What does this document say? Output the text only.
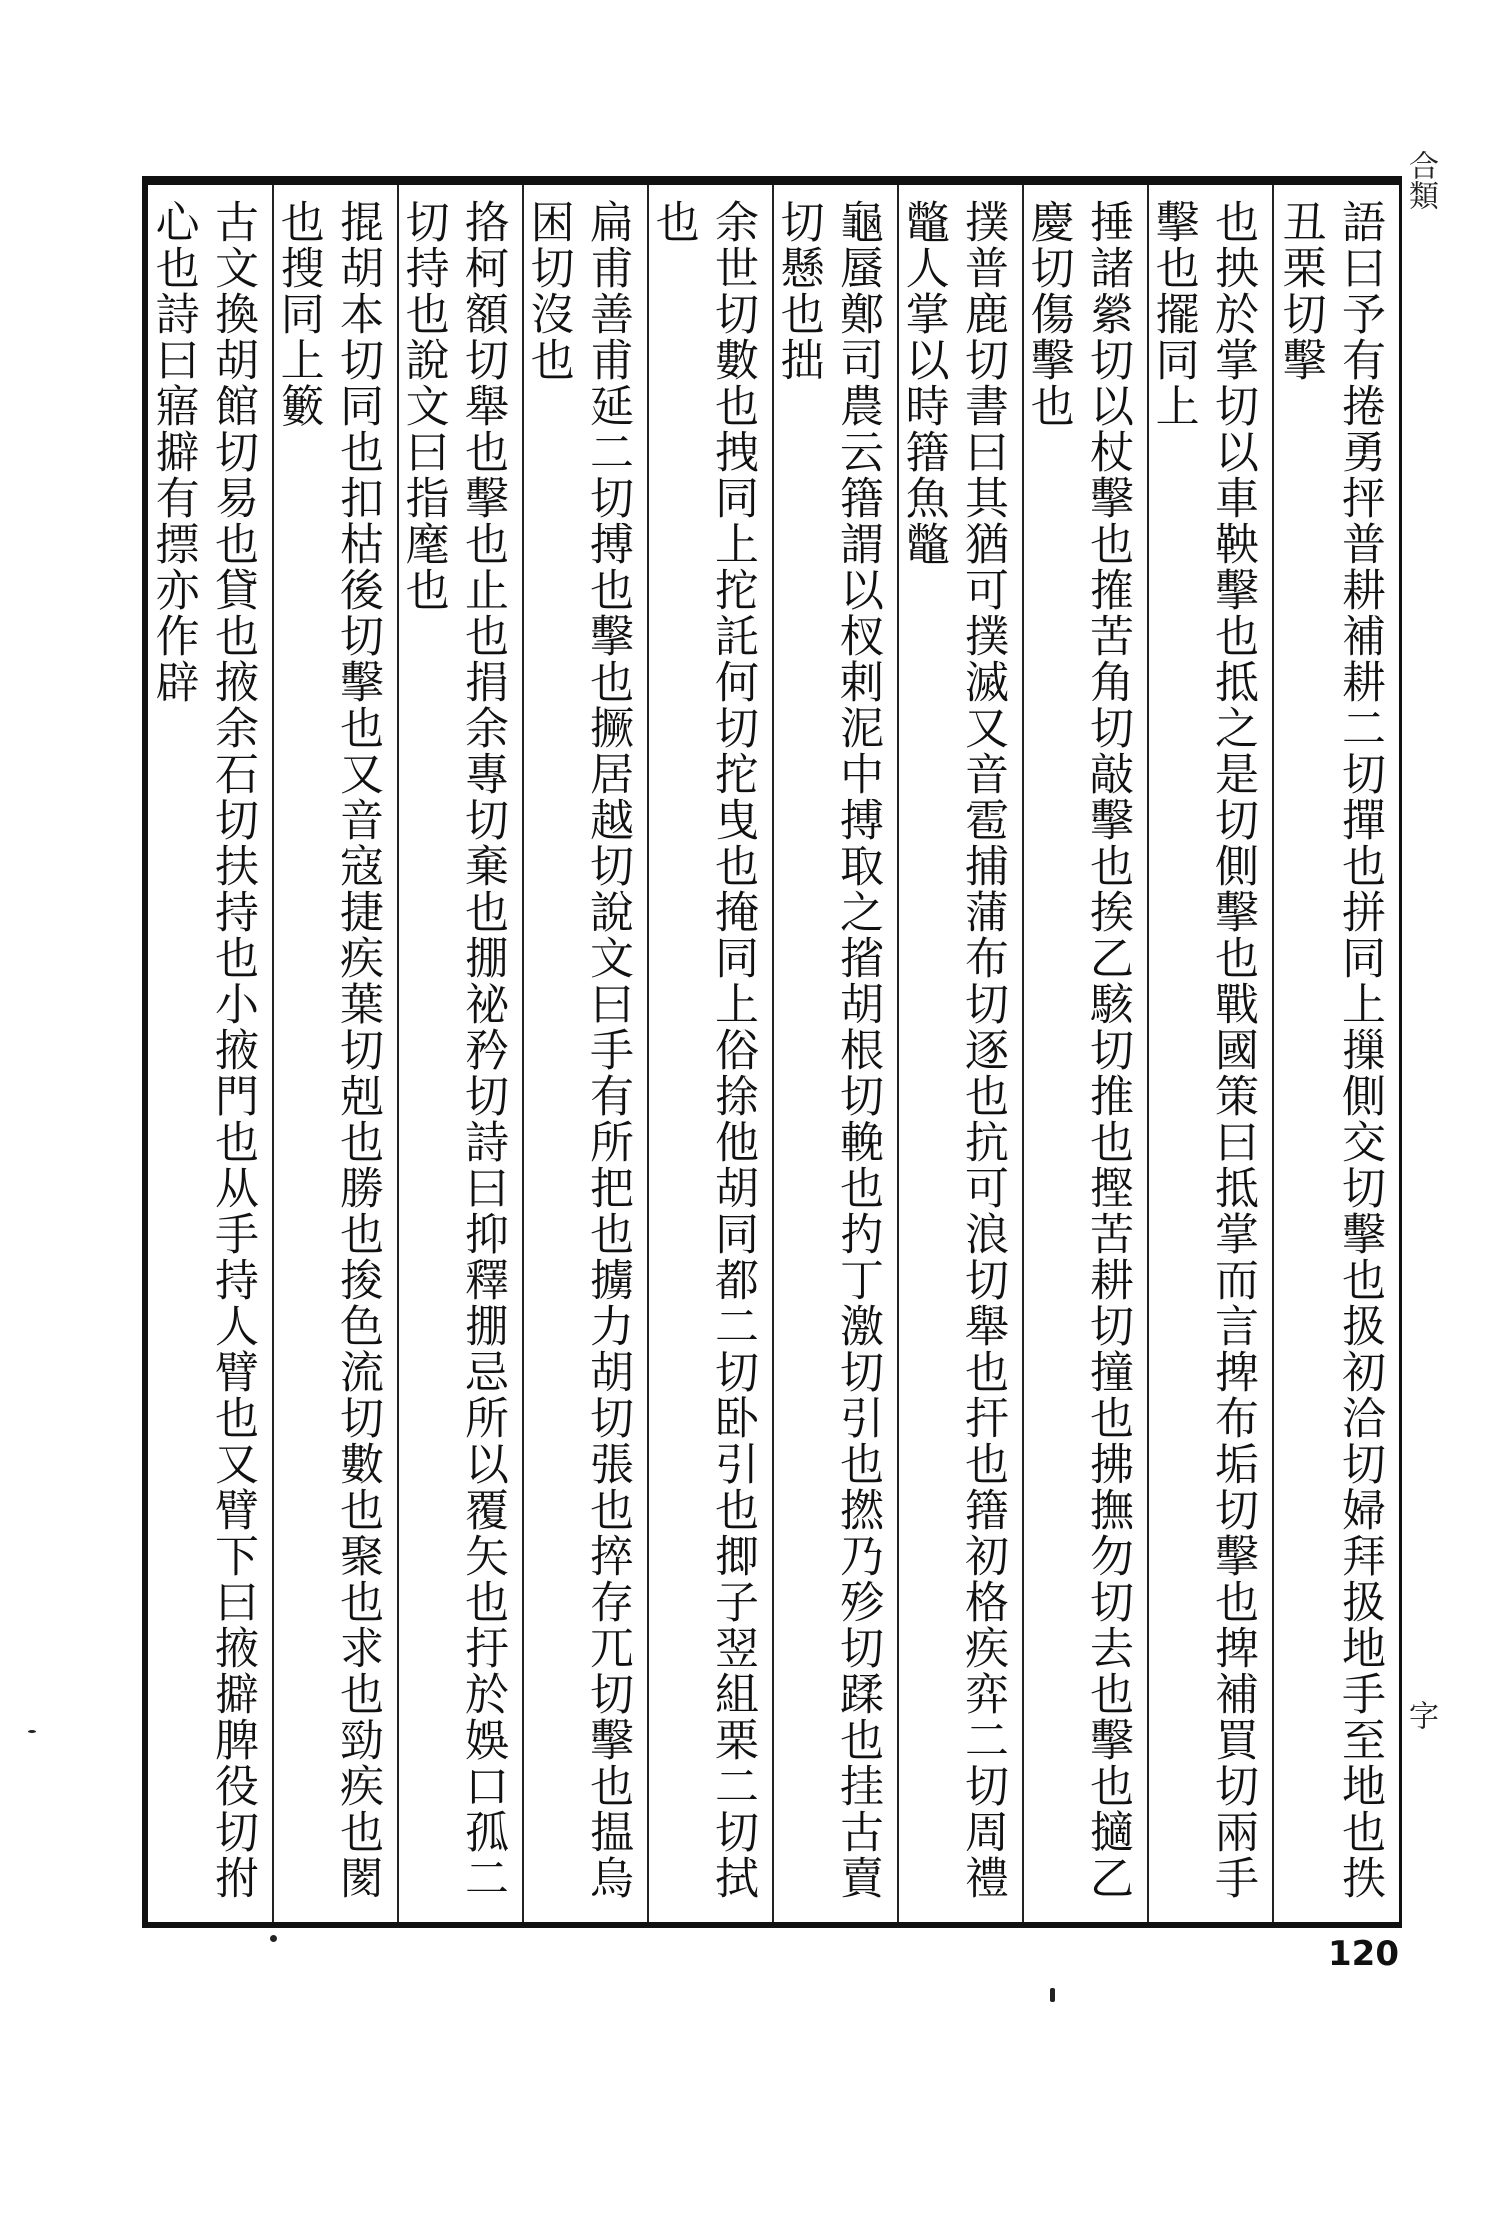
語曰予有捲勇抨普耕補耕二切撣也拼同上摷側交切擊也扱初洽切婦拜扱地手至地也抶丑栗切擊
也抰於掌切以車鞅擊也抵之是切側擊也戰國策曰抵掌而言捭布垢切擊也捭補買切兩手擊也擺同上
捶諸縈切以杖擊也搉苦角切敲擊也挨乙駭切推也摼苦耕切撞也拂撫勿切去也擊也擿乙慶切傷擊也
撲普鹿切書曰其猶可撲滅又音雹捕蒲布切逐也抗可浪切舉也扞也簎初格疾弈二切周禮鼈人掌以時簎魚鼈
龜蜃鄭司農云簎謂以杈剌泥中搏取之㨘胡根切輓也扚丁激切引也撚乃殄切蹂也挂古賣切懸也拙
余世切數也拽同上拕託何切拕曳也掩同上俗捈他胡同都二切卧引也揤子翌組栗二切拭也
扁甫善甫延二切搏也擊也撅居越切說文曰手有所把也擄力胡切張也捽存兀切擊也揾烏困切沒也
挌柯額切舉也擊也止也捐余專切棄也掤祕矜切詩曰抑釋掤忌所以覆矢也扜於娛口孤二切持也說文曰指麾也
掍胡本切同也扣枯後切擊也又音寇捷疾葉切剋也勝也捘色流切數也聚也求也勁疾也閡也搜同上籔
古文換胡館切易也貸也掖余石切扶持也小掖門也从手持人臂也又臂下曰掖擗脾役切拊心也詩曰寤擗有摽亦作辟
合類
字
120
